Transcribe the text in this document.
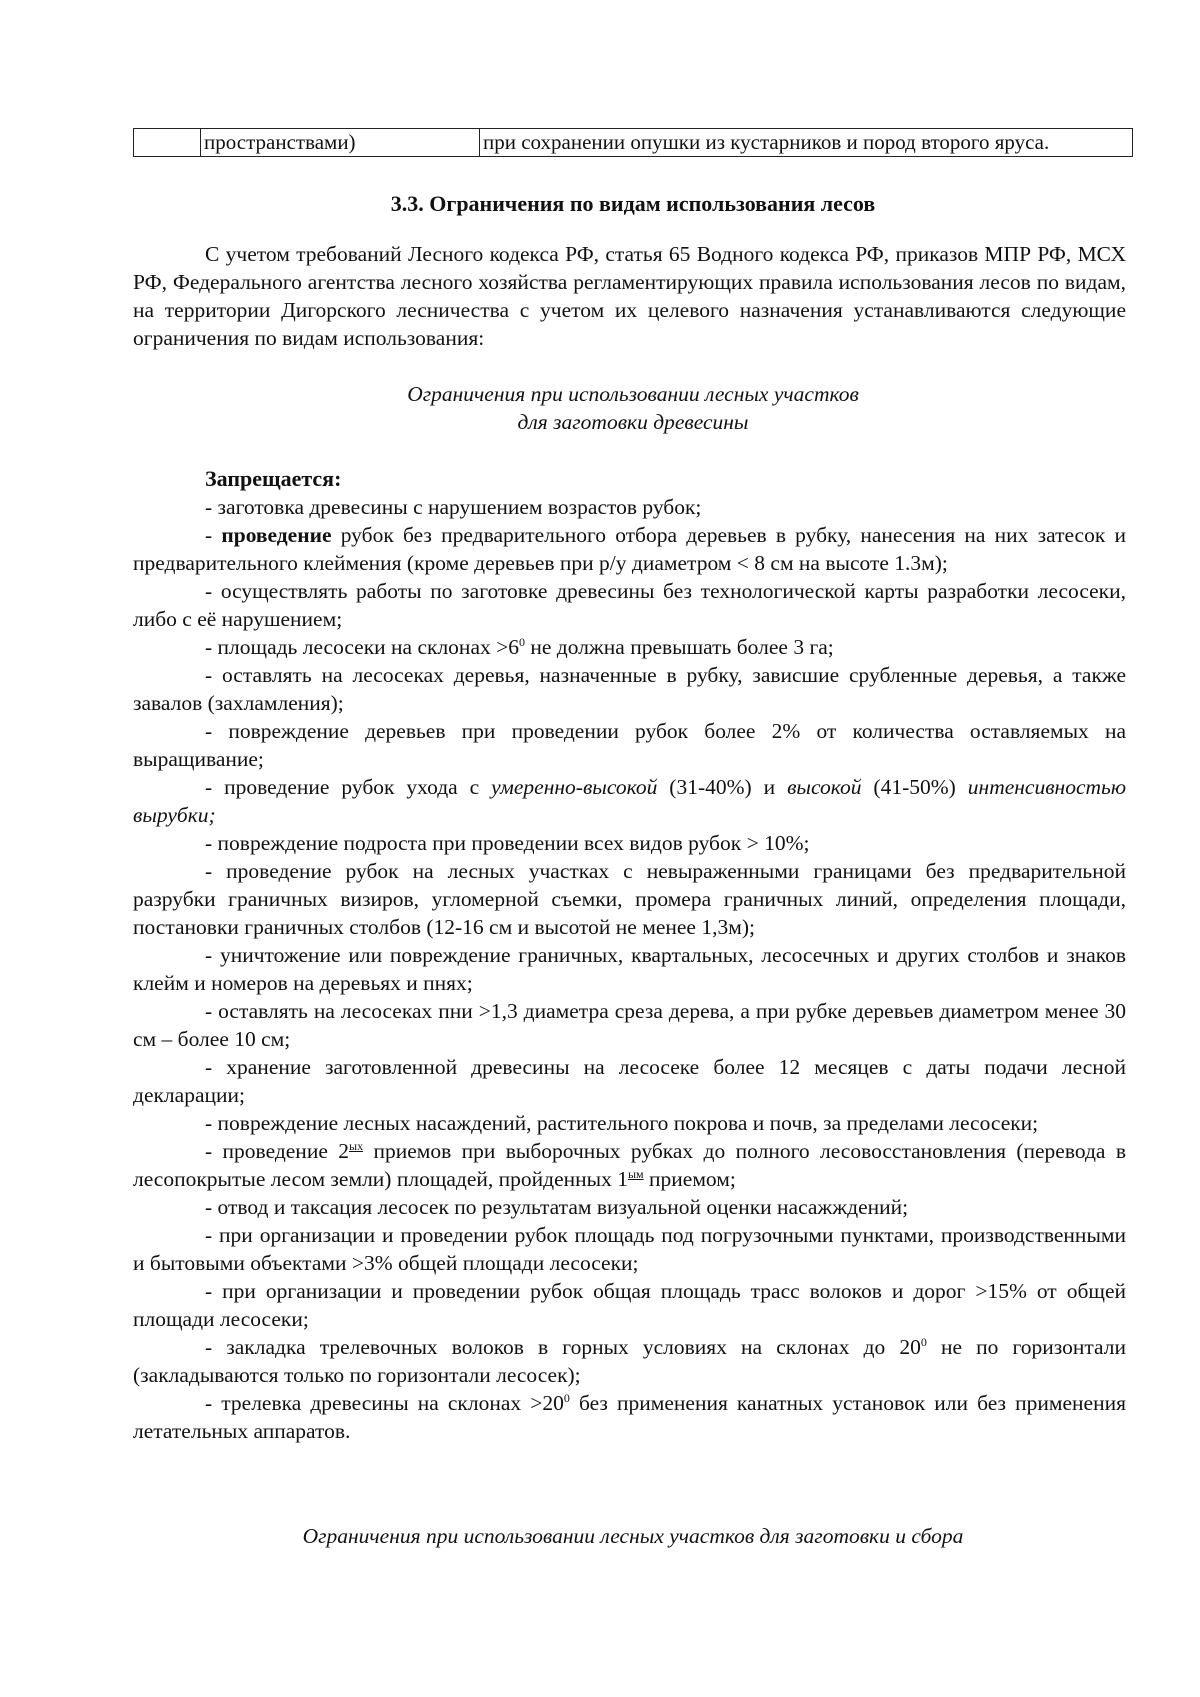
	пространствами)	при сохранении опушки из кустарников и пород второго яруса.
3.3. Ограничения по видам использования лесов
С учетом требований Лесного кодекса РФ, статья 65 Водного кодекса РФ, приказов МПР РФ, МСХ РФ, Федерального агентства лесного хозяйства регламентирующих правила использования лесов по видам, на территории Дигорского лесничества с учетом их целевого назначения устанавливаются следующие ограничения по видам использования:
Ограничения при использовании лесных участков
для заготовки древесины
Запрещается:

- заготовка древесины с нарушением возрастов рубок;

- проведение рубок без предварительного отбора деревьев в рубку, нанесения на них затесок и предварительного клеймения (кроме деревьев при р/у диаметром < 8 см на высоте 1.3м);

- осуществлять работы по заготовке древесины без технологической карты разработки лесосеки, либо с её нарушением;

- площадь лесосеки на склонах $>6^0$ не должна превышать более 3 га;

- оставлять на лесосеках деревья, назначенные в рубку, зависшие срубленные деревья, а также завалов (захламления);

- повреждение деревьев при проведении рубок более 2% от количества оставляемых на выращивание;

- проведение рубок ухода с умеренно-высокой (31-40%) и высокой (41-50%) интенсивностью вырубки;

- повреждение подроста при проведении всех видов рубок > 10%;

- проведение рубок на лесных участках с невыраженными границами без предварительной разрубки граничных визиров, угломерной съемки, промера граничных линий, определения площади, постановки граничных столбов (12-16 см и высотой не менее 1,3м);

- уничтожение или повреждение граничных, квартальных, лесосечных и других столбов и знаков клейм и номеров на деревьях и пнях;

- оставлять на лесосеках пни >1,3 диаметра среза дерева, а при рубке деревьев диаметром менее 30 см – более 10 см;

- хранение заготовленной древесины на лесосеке более 12 месяцев с даты подачи лесной декларации;

- повреждение лесных насаждений, растительного покрова и почв, за пределами лесосеки;

- проведение $2^{ых}$ приемов при выборочных рубках до полного лесовосстановления (перевода в лесопокрытые лесом земли) площадей, пройденных $1^{ым}$ приемом;

- отвод и таксация лесосек по результатам визуальной оценки насажждений;

- при организации и проведении рубок площадь под погрузочными пунктами, производственными и бытовыми объектами >3% общей площади лесосеки;

- при организации и проведении рубок общая площадь трасс волоков и дорог >15% от общей площади лесосеки;

- закладка трелевочных волоков в горных условиях на склонах до $20^0$ не по горизонтали (закладываются только по горизонтали лесосек);

- трелевка древесины на склонах $>20^0$ без применения канатных установок или без применения летательных аппаратов.

Ограничения при использовании лесных участков для заготовки и сбора
